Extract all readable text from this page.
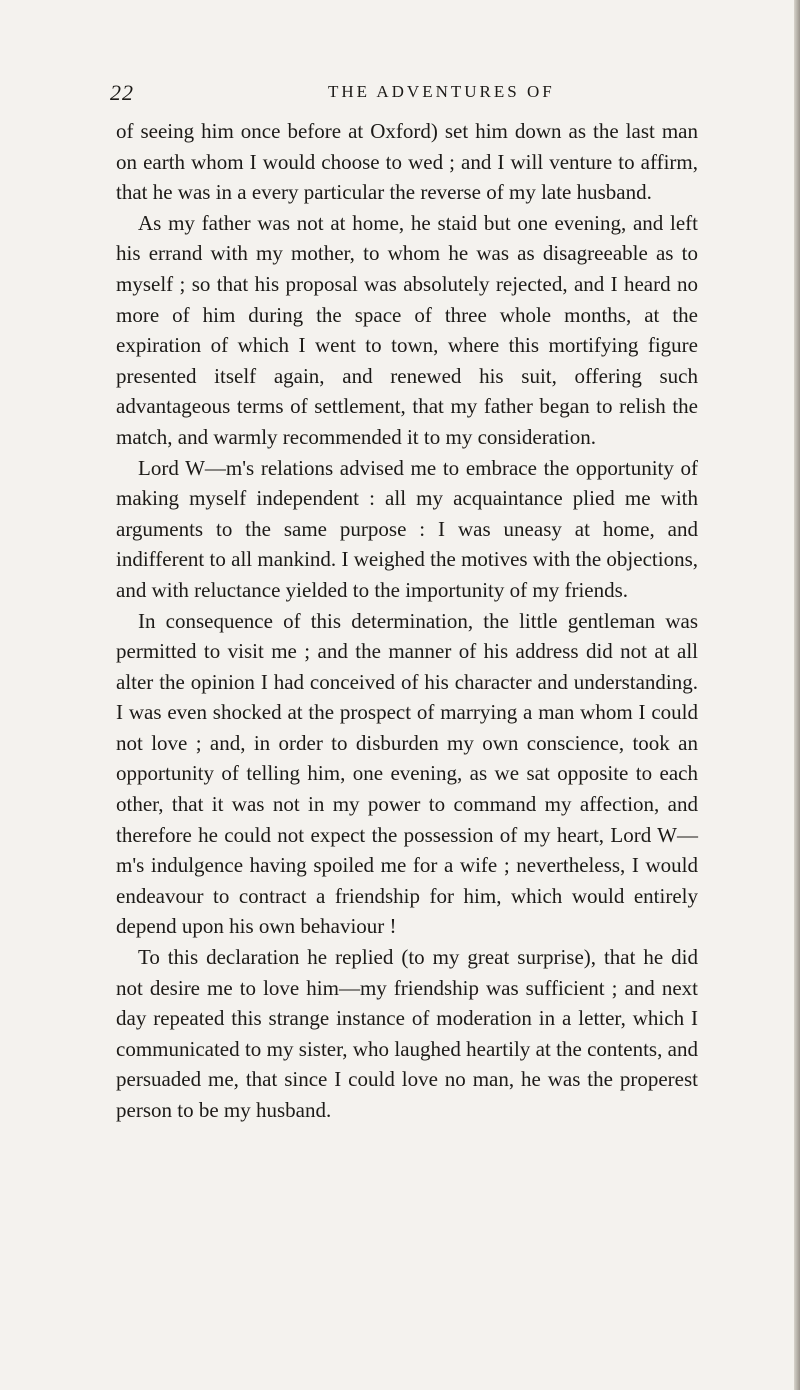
22	THE ADVENTURES OF

of seeing him once before at Oxford) set him down as the last man on earth whom I would choose to wed ; and I will venture to affirm, that he was in a every particular the reverse of my late husband.

As my father was not at home, he staid but one evening, and left his errand with my mother, to whom he was as disagreeable as to myself ; so that his proposal was absolutely rejected, and I heard no more of him during the space of three whole months, at the expiration of which I went to town, where this mortifying figure presented itself again, and renewed his suit, offering such advantageous terms of settlement, that my father began to relish the match, and warmly recommended it to my consideration.

Lord W—m's relations advised me to embrace the opportunity of making myself independent : all my acquaintance plied me with arguments to the same purpose : I was uneasy at home, and indifferent to all mankind. I weighed the motives with the objections, and with reluctance yielded to the importunity of my friends.

In consequence of this determination, the little gentleman was permitted to visit me ; and the manner of his address did not at all alter the opinion I had conceived of his character and understanding. I was even shocked at the prospect of marrying a man whom I could not love ; and, in order to disburden my own conscience, took an opportunity of telling him, one evening, as we sat opposite to each other, that it was not in my power to command my affection, and therefore he could not expect the possession of my heart, Lord W—m's indulgence having spoiled me for a wife ; nevertheless, I would endeavour to contract a friendship for him, which would entirely depend upon his own behaviour !

To this declaration he replied (to my great surprise), that he did not desire me to love him—my friendship was sufficient ; and next day repeated this strange instance of moderation in a letter, which I communicated to my sister, who laughed heartily at the contents, and persuaded me, that since I could love no man, he was the properest person to be my husband.
